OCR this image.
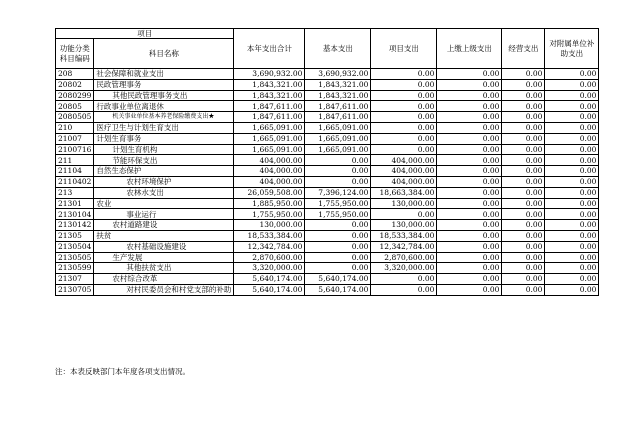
项目		本年支出合计	基本支出	项目支出	上缴上级支出	经营支出	对附属单位补助支出
功能分类科目编码	科目名称						
208	社会保障和就业支出	3,690,932.00	3,690,932.00	0.00	0.00	0.00	0.00
20802	民政管理事务	1,843,321.00	1,843,321.00	0.00	0.00	0.00	0.00
2080299	其他民政管理事务支出	1,843,321.00	1,843,321.00	0.00	0.00	0.00	0.00
20805	行政事业单位离退休	1,847,611.00	1,847,611.00	0.00	0.00	0.00	0.00
2080505	机关事业单位基本养老保险缴费支出★	1,847,611.00	1,847,611.00	0.00	0.00	0.00	0.00
210	医疗卫生与计划生育支出	1,665,091.00	1,665,091.00	0.00	0.00	0.00	0.00
21007	计划生育事务	1,665,091.00	1,665,091.00	0.00	0.00	0.00	0.00
2100716	计划生育机构	1,665,091.00	1,665,091.00	0.00	0.00	0.00	0.00
211	节能环保支出	404,000.00	0.00	404,000.00	0.00	0.00	0.00
21104	自然生态保护	404,000.00	0.00	404,000.00	0.00	0.00	0.00
2110402	农村环境保护	404,000.00	0.00	404,000.00	0.00	0.00	0.00
213	农林水支出	26,059,508.00	7,396,124.00	18,663,384.00	0.00	0.00	0.00
21301	农业	1,885,950.00	1,755,950.00	130,000.00	0.00	0.00	0.00
2130104	事业运行	1,755,950.00	1,755,950.00	0.00	0.00	0.00	0.00
2130142	农村道路建设	130,000.00	0.00	130,000.00	0.00	0.00	0.00
21305	扶贫	18,533,384.00	0.00	18,533,384.00	0.00	0.00	0.00
2130504	农村基础设施建设	12,342,784.00	0.00	12,342,784.00	0.00	0.00	0.00
2130505	生产发展	2,870,600.00	0.00	2,870,600.00	0.00	0.00	0.00
2130599	其他扶贫支出	3,320,000.00	0.00	3,320,000.00	0.00	0.00	0.00
21307	农村综合改革	5,640,174.00	5,640,174.00	0.00	0.00	0.00	0.00
2130705	对村民委员会和村党支部的补助	5,640,174.00	5,640,174.00	0.00	0.00	0.00	0.00
注：本表反映部门本年度各项支出情况。
